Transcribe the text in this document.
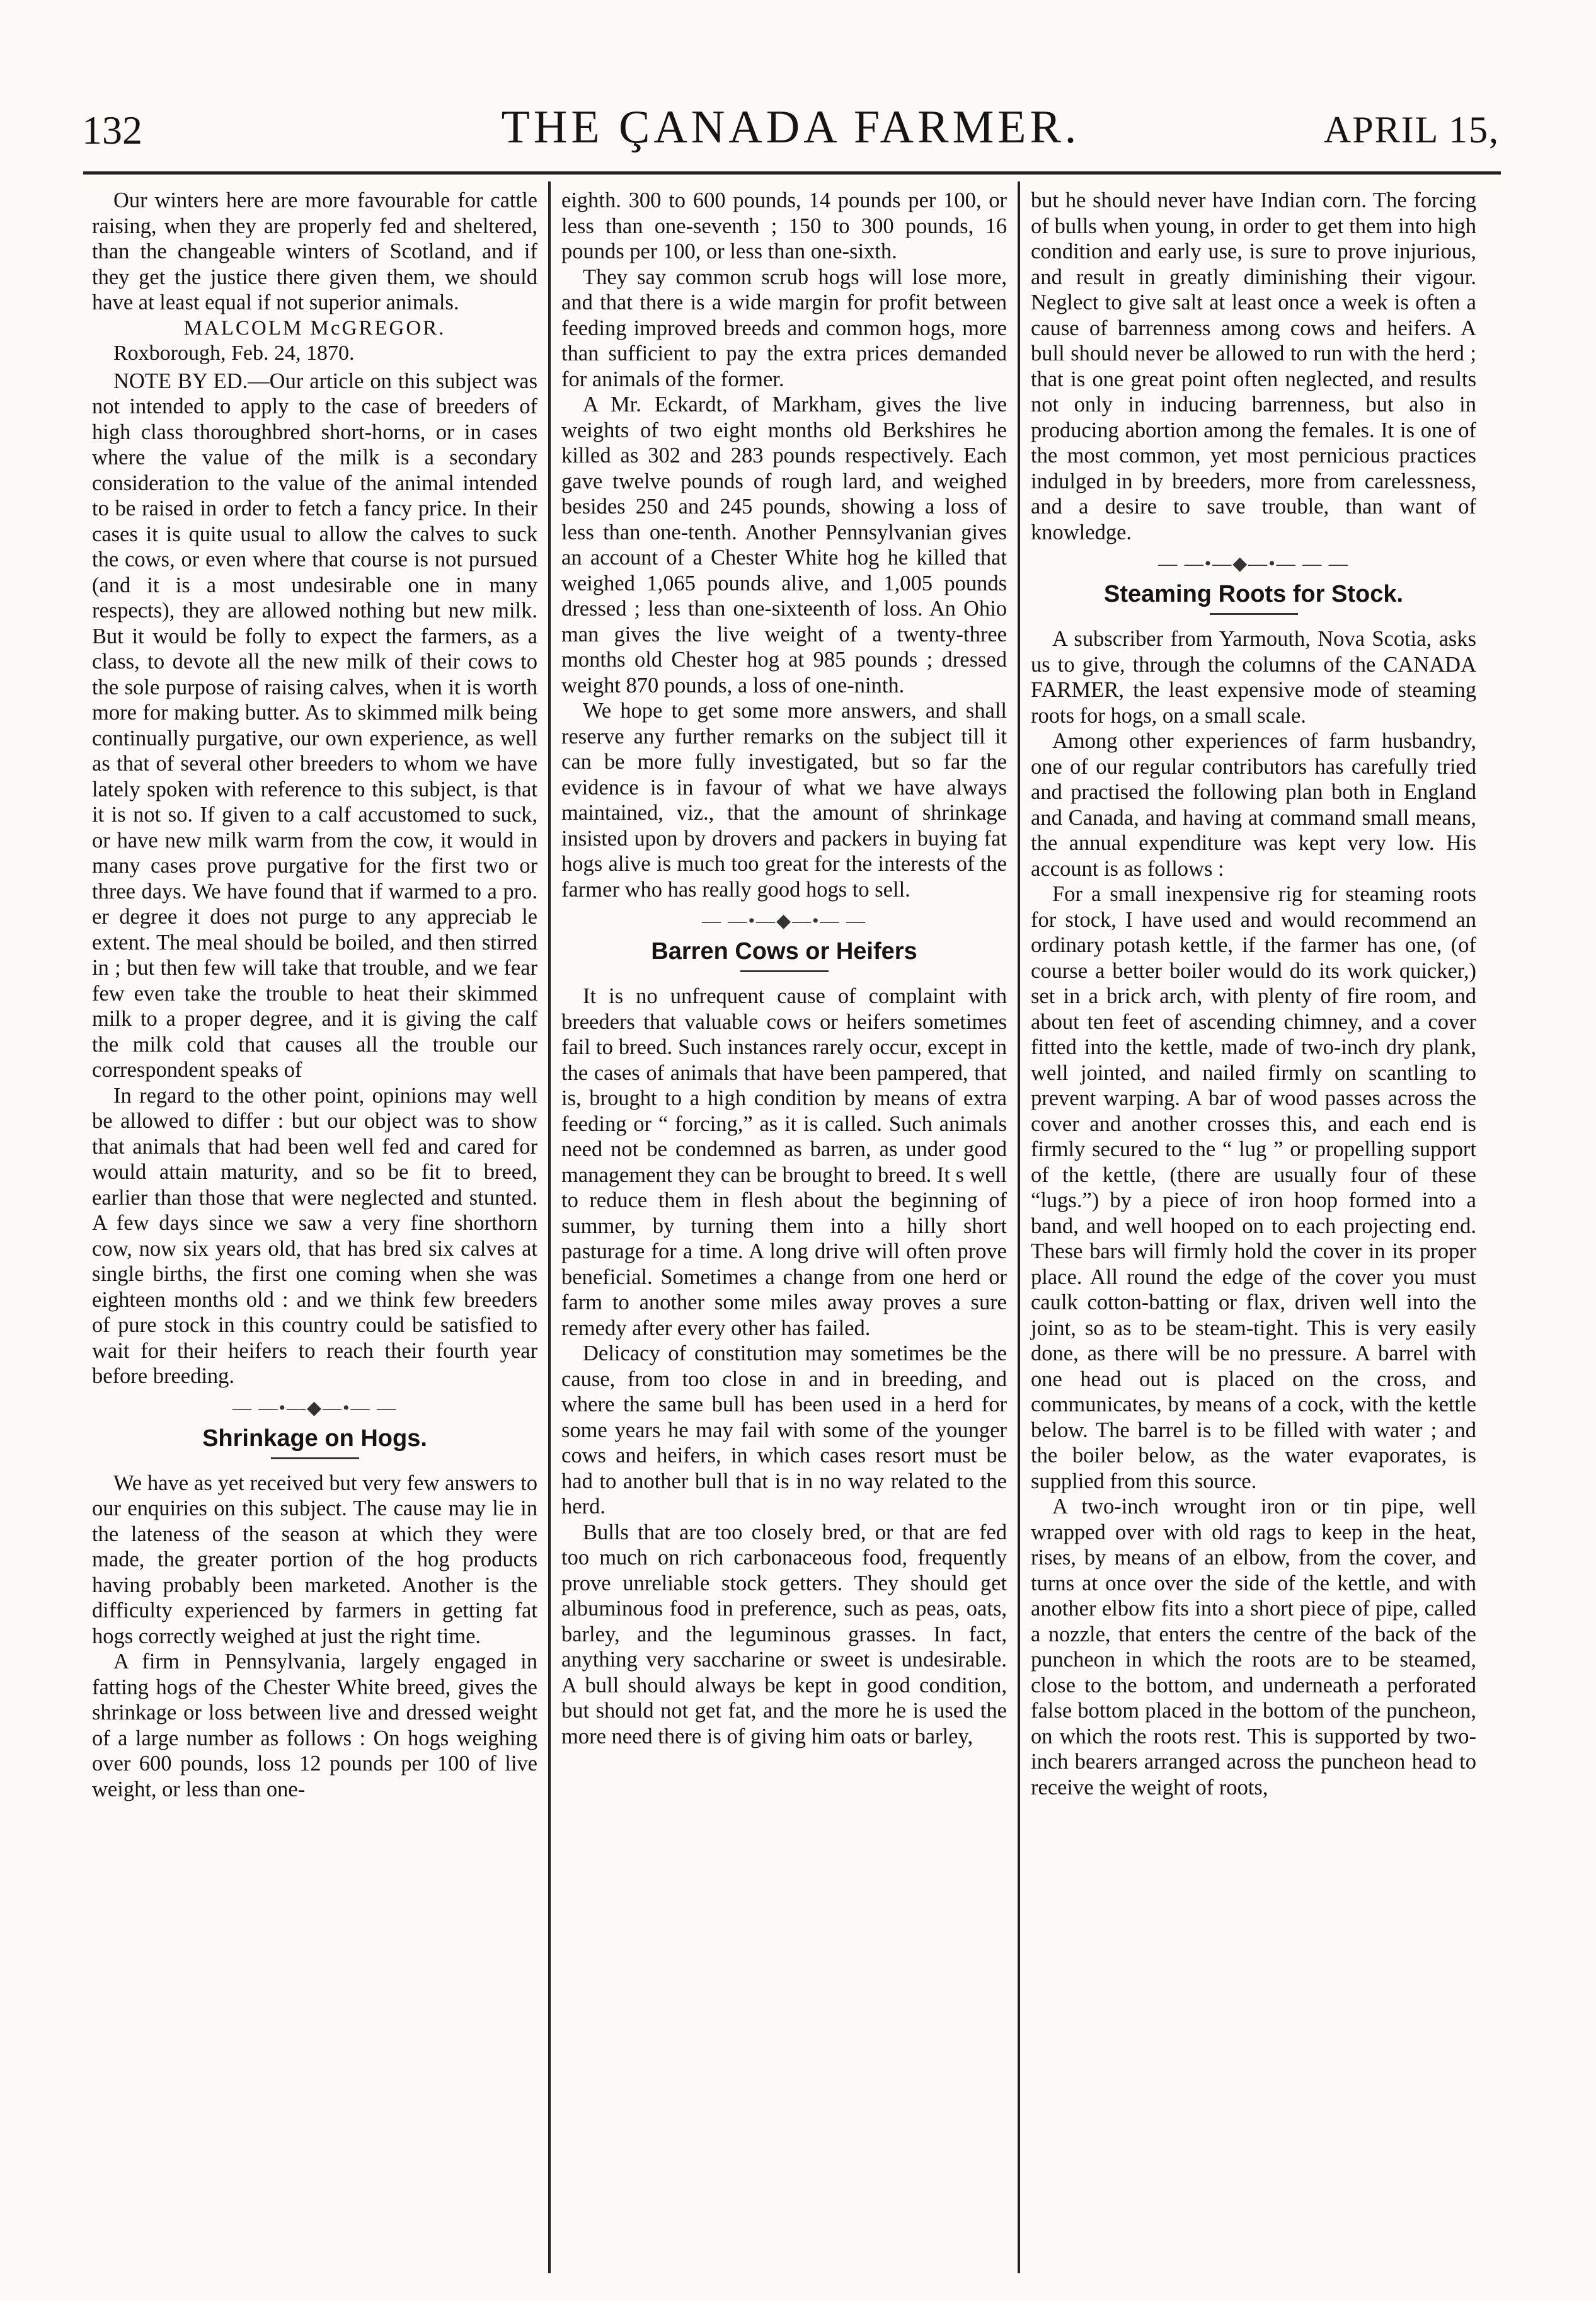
132	THE ÇANADA FARMER.	APRIL 15,

Our winters here are more favourable for cattle raising, when they are properly fed and sheltered, than the changeable winters of Scotland, and if they get the justice there given them, we should have at least equal if not superior animals.

MALCOLM McGREGOR.

Roxborough, Feb. 24, 1870.

NOTE BY ED.—Our article on this subject was not intended to apply to the case of breeders of high class thoroughbred short-horns, or in cases where the value of the milk is a secondary consideration to the value of the animal intended to be raised in order to fetch a fancy price. In their cases it is quite usual to allow the calves to suck the cows, or even where that course is not pursued (and it is a most undesirable one in many respects), they are allowed nothing but new milk. But it would be folly to expect the farmers, as a class, to devote all the new milk of their cows to the sole purpose of raising calves, when it is worth more for making butter. As to skimmed milk being continually purgative, our own experience, as well as that of several other breeders to whom we have lately spoken with reference to this subject, is that it is not so. If given to a calf accustomed to suck, or have new milk warm from the cow, it would in many cases prove purgative for the first two or three days. We have found that if warmed to a pro. er degree it does not purge to any appreciab le extent. The meal should be boiled, and then stirred in ; but then few will take that trouble, and we fear few even take the trouble to heat their skimmed milk to a proper degree, and it is giving the calf the milk cold that causes all the trouble our correspondent speaks of

In regard to the other point, opinions may well be allowed to differ : but our object was to show that animals that had been well fed and cared for would attain maturity, and so be fit to breed, earlier than those that were neglected and stunted. A few days since we saw a very fine shorthorn cow, now six years old, that has bred six calves at single births, the first one coming when she was eighteen months old : and we think few breeders of pure stock in this country could be satisfied to wait for their heifers to reach their fourth year before breeding.

— —•—◆—•— —
Shrinkage on Hogs.

We have as yet received but very few answers to our enquiries on this subject. The cause may lie in the lateness of the season at which they were made, the greater portion of the hog products having probably been marketed. Another is the difficulty experienced by farmers in getting fat hogs correctly weighed at just the right time.

A firm in Pennsylvania, largely engaged in fatting hogs of the Chester White breed, gives the shrinkage or loss between live and dressed weight of a large number as follows : On hogs weighing over 600 pounds, loss 12 pounds per 100 of live weight, or less than one-

eighth. 300 to 600 pounds, 14 pounds per 100, or less than one-seventh ; 150 to 300 pounds, 16 pounds per 100, or less than one-sixth.

They say common scrub hogs will lose more, and that there is a wide margin for profit between feeding improved breeds and common hogs, more than sufficient to pay the extra prices demanded for animals of the former.

A Mr. Eckardt, of Markham, gives the live weights of two eight months old Berkshires he killed as 302 and 283 pounds respectively. Each gave twelve pounds of rough lard, and weighed besides 250 and 245 pounds, showing a loss of less than one-tenth. Another Pennsylvanian gives an account of a Chester White hog he killed that weighed 1,065 pounds alive, and 1,005 pounds dressed ; less than one-sixteenth of loss. An Ohio man gives the live weight of a twenty-three months old Chester hog at 985 pounds ; dressed weight 870 pounds, a loss of one-ninth.

We hope to get some more answers, and shall reserve any further remarks on the subject till it can be more fully investigated, but so far the evidence is in favour of what we have always maintained, viz., that the amount of shrinkage insisted upon by drovers and packers in buying fat hogs alive is much too great for the interests of the farmer who has really good hogs to sell.

— —•—◆—•— —
Barren Cows or Heifers

It is no unfrequent cause of complaint with breeders that valuable cows or heifers sometimes fail to breed. Such instances rarely occur, except in the cases of animals that have been pampered, that is, brought to a high condition by means of extra feeding or “ forcing,” as it is called. Such animals need not be condemned as barren, as under good management they can be brought to breed. It s well to reduce them in flesh about the beginning of summer, by turning them into a hilly short pasturage for a time. A long drive will often prove beneficial. Sometimes a change from one herd or farm to another some miles away proves a sure remedy after every other has failed.

Delicacy of constitution may sometimes be the cause, from too close in and in breeding, and where the same bull has been used in a herd for some years he may fail with some of the younger cows and heifers, in which cases resort must be had to another bull that is in no way related to the herd.

Bulls that are too closely bred, or that are fed too much on rich carbonaceous food, frequently prove unreliable stock getters. They should get albuminous food in preference, such as peas, oats, barley, and the leguminous grasses. In fact, anything very saccharine or sweet is undesirable. A bull should always be kept in good condition, but should not get fat, and the more he is used the more need there is of giving him oats or barley,

but he should never have Indian corn. The forcing of bulls when young, in order to get them into high condition and early use, is sure to prove injurious, and result in greatly diminishing their vigour. Neglect to give salt at least once a week is often a cause of barrenness among cows and heifers. A bull should never be allowed to run with the herd ; that is one great point often neglected, and results not only in inducing barrenness, but also in producing abortion among the females. It is one of the most common, yet most pernicious practices indulged in by breeders, more from carelessness, and a desire to save trouble, than want of knowledge.

— —•—◆—•— — —
Steaming Roots for Stock.

A subscriber from Yarmouth, Nova Scotia, asks us to give, through the columns of the CANADA FARMER, the least expensive mode of steaming roots for hogs, on a small scale.

Among other experiences of farm husbandry, one of our regular contributors has carefully tried and practised the following plan both in England and Canada, and having at command small means, the annual expenditure was kept very low. His account is as follows :

For a small inexpensive rig for steaming roots for stock, I have used and would recommend an ordinary potash kettle, if the farmer has one, (of course a better boiler would do its work quicker,) set in a brick arch, with plenty of fire room, and about ten feet of ascending chimney, and a cover fitted into the kettle, made of two-inch dry plank, well jointed, and nailed firmly on scantling to prevent warping. A bar of wood passes across the cover and another crosses this, and each end is firmly secured to the “ lug ” or propelling support of the kettle, (there are usually four of these “lugs.”) by a piece of iron hoop formed into a band, and well hooped on to each projecting end. These bars will firmly hold the cover in its proper place. All round the edge of the cover you must caulk cotton-batting or flax, driven well into the joint, so as to be steam-tight. This is very easily done, as there will be no pressure. A barrel with one head out is placed on the cross, and communicates, by means of a cock, with the kettle below. The barrel is to be filled with water ; and the boiler below, as the water evaporates, is supplied from this source.

A two-inch wrought iron or tin pipe, well wrapped over with old rags to keep in the heat, rises, by means of an elbow, from the cover, and turns at once over the side of the kettle, and with another elbow fits into a short piece of pipe, called a nozzle, that enters the centre of the back of the puncheon in which the roots are to be steamed, close to the bottom, and underneath a perforated false bottom placed in the bottom of the puncheon, on which the roots rest. This is supported by two-inch bearers arranged across the puncheon head to receive the weight of roots,
